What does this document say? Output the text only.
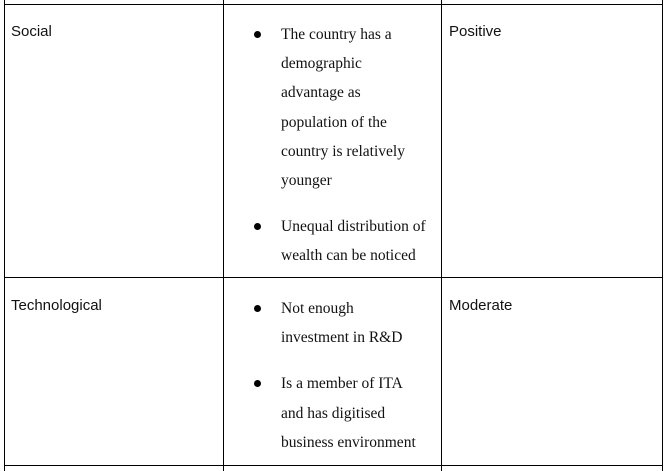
Social	The country has a
demographic
advantage as
population of the
country is relatively
younger
Unequal distribution of
wealth can be noticed
Positive
Technological	Not enough
investment in R&D
Is a member of ITA
and has digitised
business environment
Moderate
